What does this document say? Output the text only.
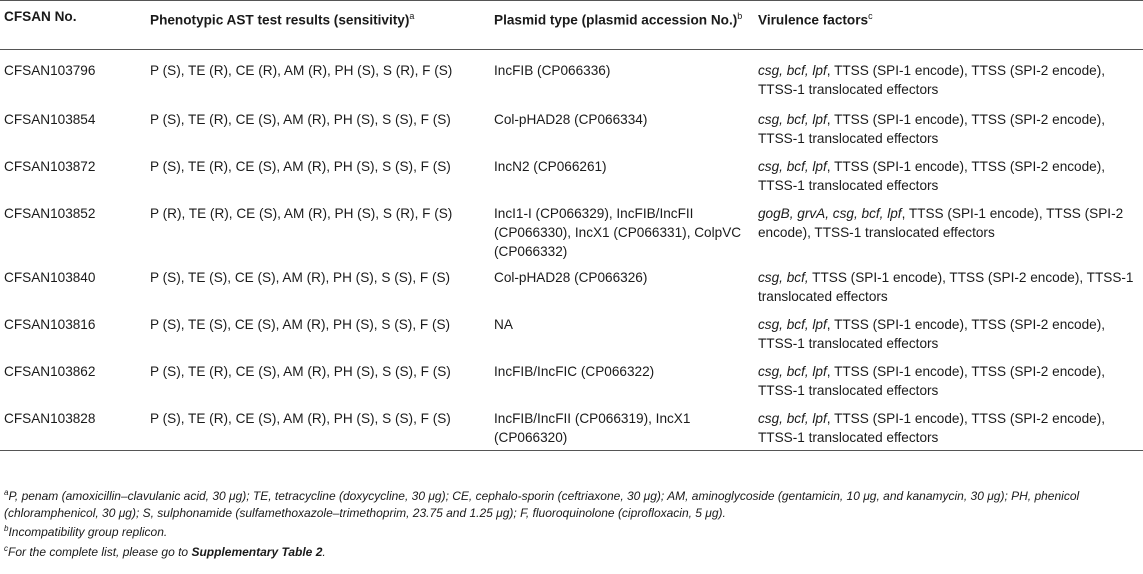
CFSAN No.	Phenotypic AST test results (sensitivity)$^a$	Plasmid type (plasmid accession No.)$^b$	Virulence factors$^c$
CFSAN103796	P (S), TE (R), CE (R), AM (R), PH (S), S (R), F (S)	IncFIB (CP066336)	csg, bcf, lpf, TTSS (SPI-1 encode), TTSS (SPI-2 encode), TTSS-1 translocated effectors
CFSAN103854	P (S), TE (R), CE (S), AM (R), PH (S), S (S), F (S)	Col-pHAD28 (CP066334)	csg, bcf, lpf, TTSS (SPI-1 encode), TTSS (SPI-2 encode), TTSS-1 translocated effectors
CFSAN103872	P (S), TE (R), CE (S), AM (R), PH (S), S (S), F (S)	IncN2 (CP066261)	csg, bcf, lpf, TTSS (SPI-1 encode), TTSS (SPI-2 encode), TTSS-1 translocated effectors
CFSAN103852	P (R), TE (R), CE (S), AM (R), PH (S), S (R), F (S)	IncI1-I (CP066329), IncFIB/IncFII (CP066330), IncX1 (CP066331), ColpVC (CP066332)	gogB, grvA, csg, bcf, lpf, TTSS (SPI-1 encode), TTSS (SPI-2 encode), TTSS-1 translocated effectors
CFSAN103840	P (S), TE (S), CE (S), AM (R), PH (S), S (S), F (S)	Col-pHAD28 (CP066326)	csg, bcf, TTSS (SPI-1 encode), TTSS (SPI-2 encode), TTSS-1 translocated effectors
CFSAN103816	P (S), TE (S), CE (S), AM (R), PH (S), S (S), F (S)	NA	csg, bcf, lpf, TTSS (SPI-1 encode), TTSS (SPI-2 encode), TTSS-1 translocated effectors
CFSAN103862	P (S), TE (R), CE (S), AM (R), PH (S), S (S), F (S)	IncFIB/IncFIC (CP066322)	csg, bcf, lpf, TTSS (SPI-1 encode), TTSS (SPI-2 encode), TTSS-1 translocated effectors
CFSAN103828	P (S), TE (R), CE (S), AM (R), PH (S), S (S), F (S)	IncFIB/IncFII (CP066319), IncX1 (CP066320)	csg, bcf, lpf, TTSS (SPI-1 encode), TTSS (SPI-2 encode), TTSS-1 translocated effectors
$^a$P, penam (amoxicillin–clavulanic acid, 30 μg); TE, tetracycline (doxycycline, 30 μg); CE, cephalo-sporin (ceftriaxone, 30 μg); AM, aminoglycoside (gentamicin, 10 μg, and kanamycin, 30 μg); PH, phenicol (chloramphenicol, 30 μg); S, sulphonamide (sulfamethoxazole–trimethoprim, 23.75 and 1.25 μg); F, fluoroquinolone (ciprofloxacin, 5 μg).
$^b$Incompatibility group replicon.
$^c$For the complete list, please go to Supplementary Table 2.
